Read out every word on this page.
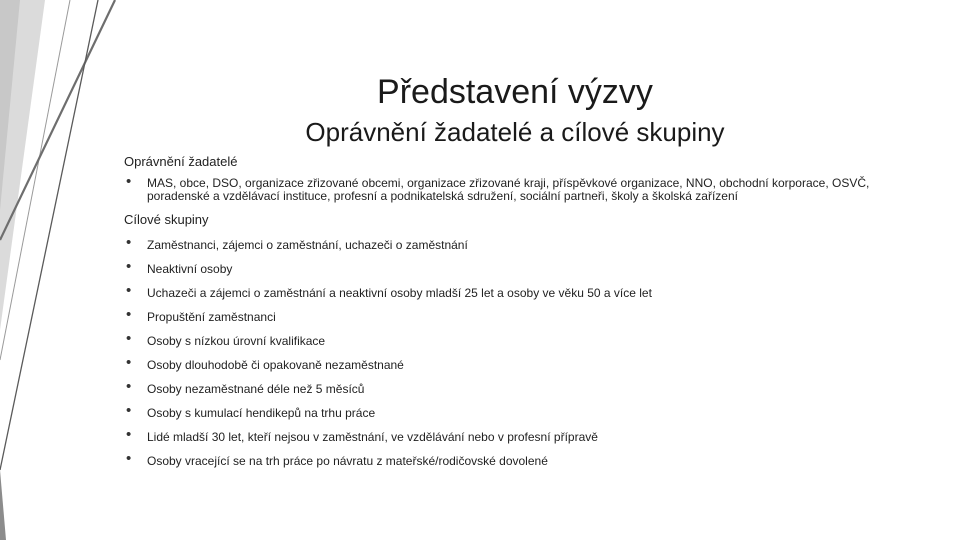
Představení výzvy
Oprávnění žadatelé a cílové skupiny
Oprávnění žadatelé
• MAS, obce, DSO, organizace zřizované obcemi, organizace zřizované kraji, příspěvkové organizace, NNO, obchodní korporace, OSVČ, poradenské a vzdělávací instituce, profesní a podnikatelská sdružení, sociální partneři, školy a školská zařízení
Cílové skupiny
• Zaměstnanci, zájemci o zaměstnání, uchazeči o zaměstnání
• Neaktivní osoby
• Uchazeči a zájemci o zaměstnání a neaktivní osoby mladší 25 let a osoby ve věku 50 a více let
• Propuštění zaměstnanci
• Osoby s nízkou úrovní kvalifikace
• Osoby dlouhodobě či opakovaně nezaměstnané
• Osoby nezaměstnané déle než 5 měsíců
• Osoby s kumulací hendikepů na trhu práce
• Lidé mladší 30 let, kteří nejsou v zaměstnání, ve vzdělávání nebo v profesní přípravě
• Osoby vracející se na trh práce po návratu z mateřské/rodičovské dovolené
